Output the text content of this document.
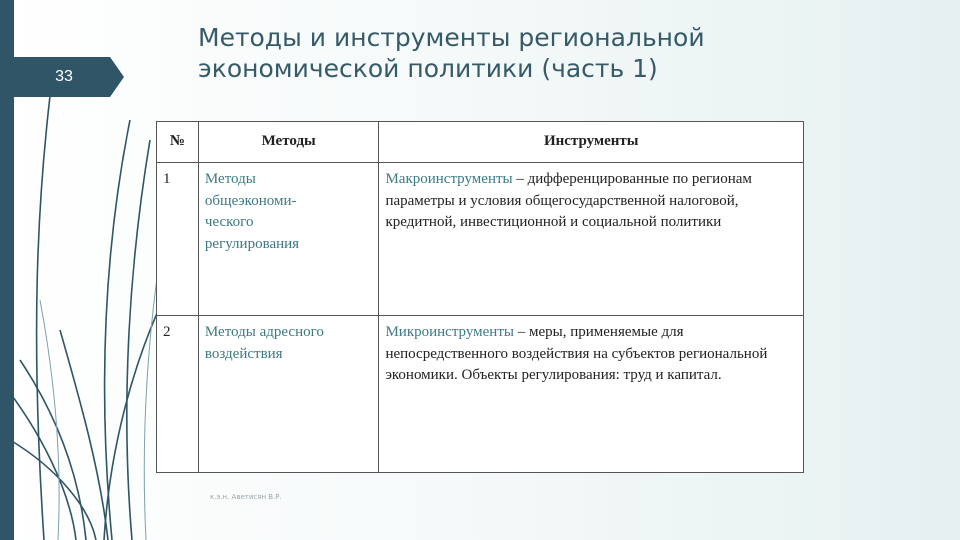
33
Методы и инструменты региональной
экономической политики (часть 1)
№	Методы	Инструменты
1	Методы
общеэкономи-
ческого
регулирования	Макроинструменты – дифференцированные по регионам параметры и условия общегосударственной налоговой, кредитной, инвестиционной и социальной политики
2	Методы адресного
воздействия	Микроинструменты – меры, применяемые для непосредственного воздействия на субъектов региональной экономики. Объекты регулирования: труд и капитал.
к.э.н. Аветисян В.Р.
